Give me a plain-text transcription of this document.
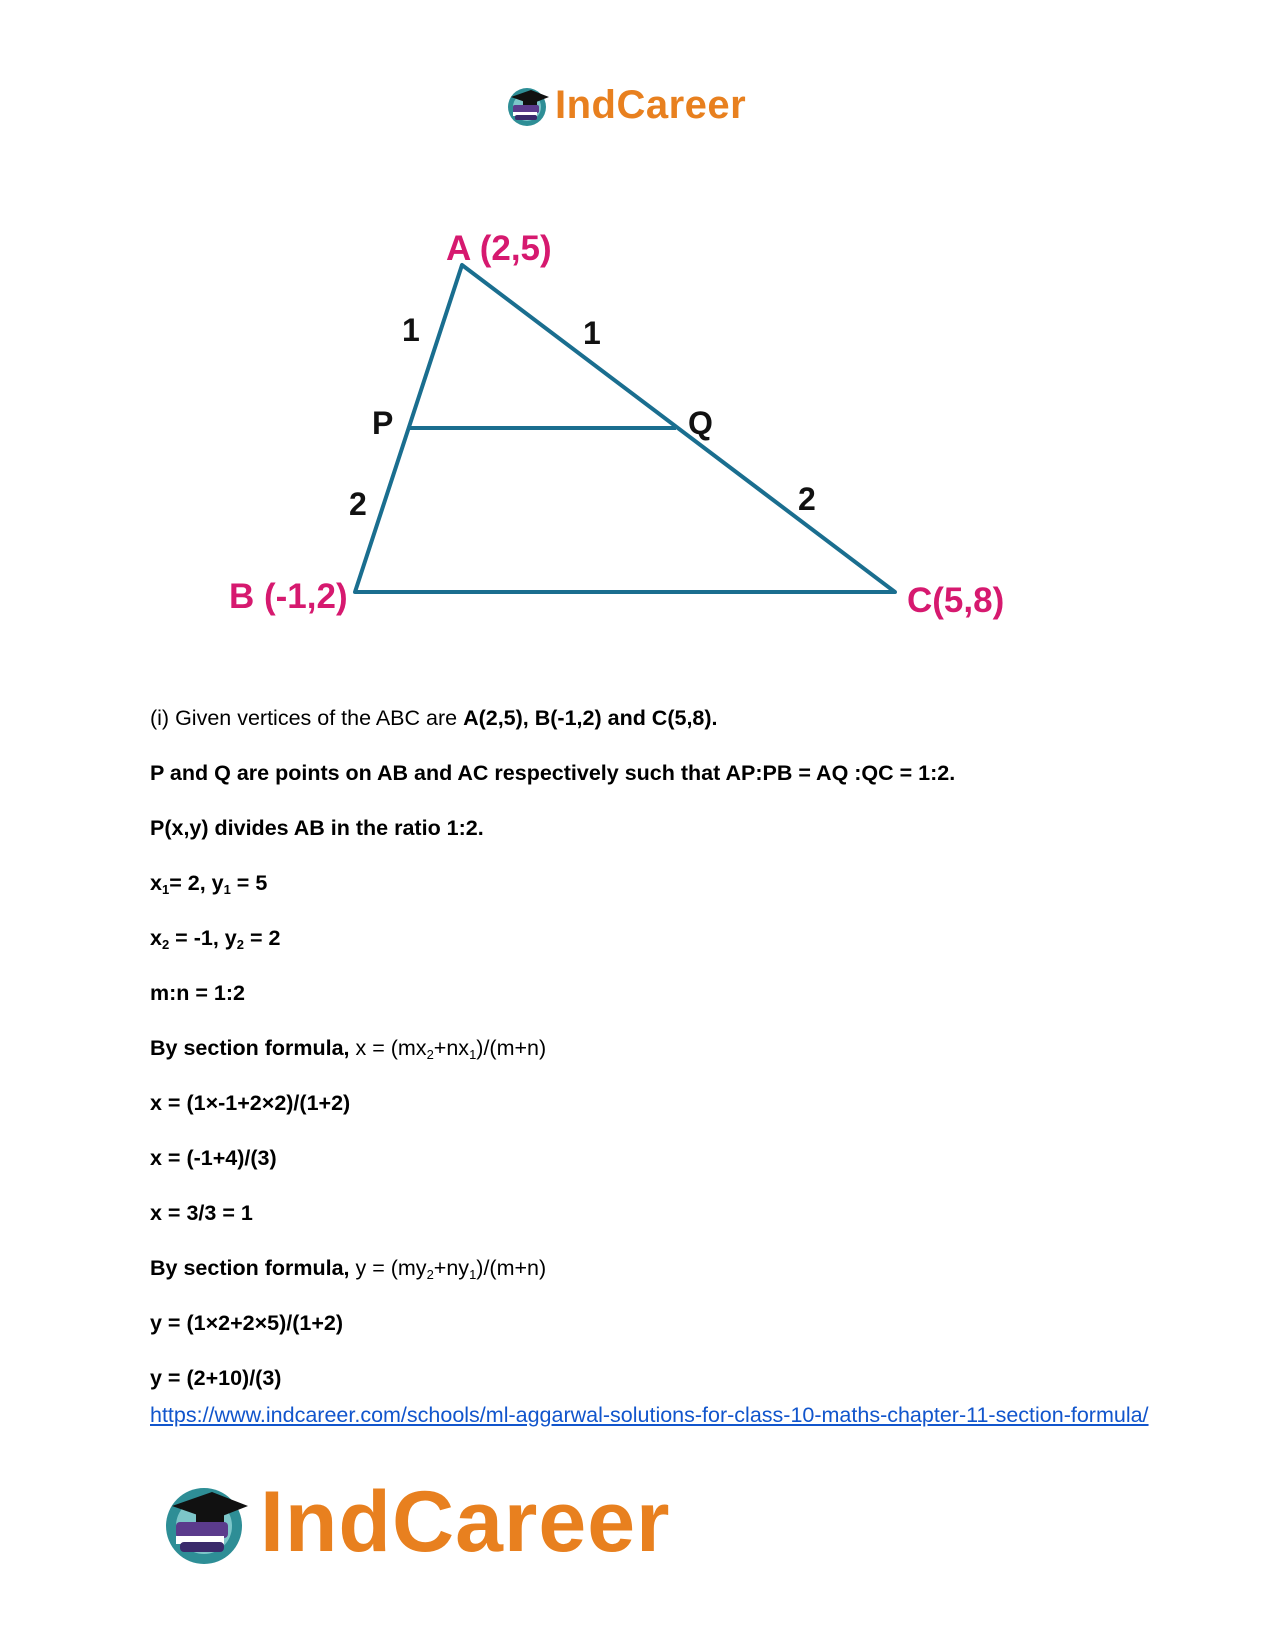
IndCareer
A (2,5)
B (-1,2)	C(5,8)
P	Q
1	1
2	2
(i) Given vertices of the ABC are A(2,5), B(-1,2) and C(5,8).
P and Q are points on AB and AC respectively such that AP:PB = AQ :QC = 1:2.
P(x,y) divides AB in the ratio 1:2.
$x_1= 2$, $y_1 = 5$
$x_2 = -1$, $y_2 = 2$
m:n = 1:2
By section formula, $x = (mx_2+nx_1)/(m+n)$
x = (1×-1+2×2)/(1+2)
x = (-1+4)/(3)
x = 3/3 = 1
By section formula, $y = (my_2+ny_1)/(m+n)$
y = (1×2+2×5)/(1+2)
y = (2+10)/(3)
https://www.indcareer.com/schools/ml-aggarwal-solutions-for-class-10-maths-chapter-11-section-formula/
IndCareer
